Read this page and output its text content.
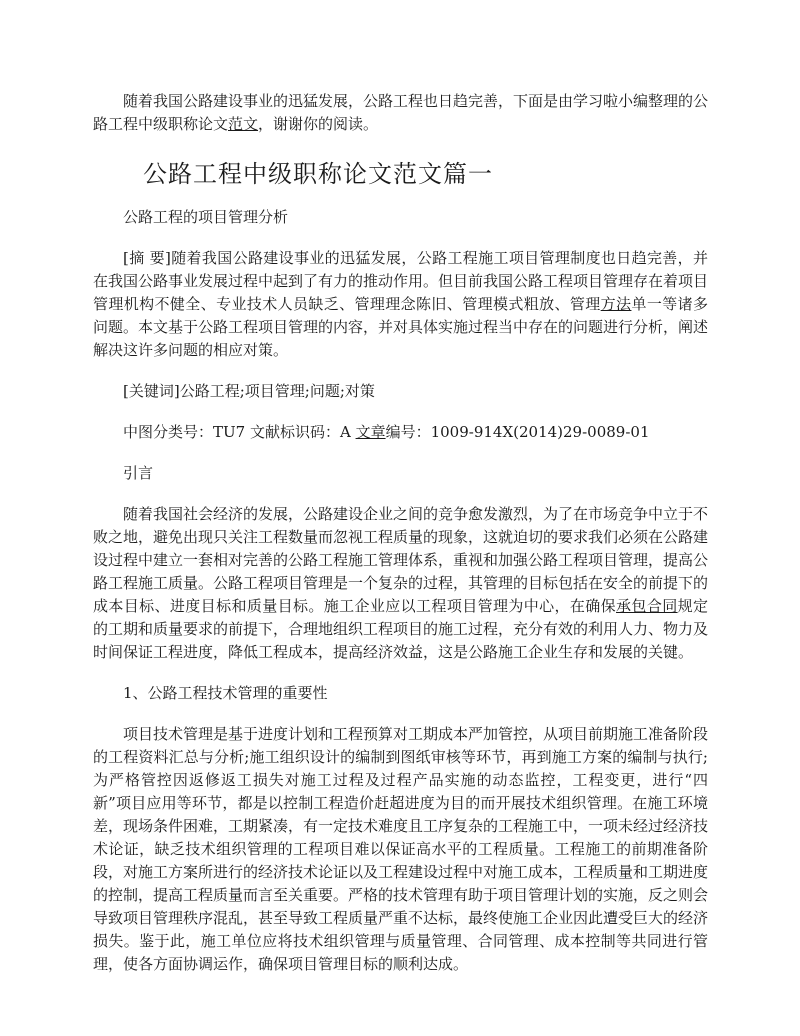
随着我国公路建设事业的迅猛发展，公路工程也日趋完善，下面是由学习啦小编整理的公路工程中级职称论文范文，谢谢你的阅读。

公路工程中级职称论文范文篇一

公路工程的项目管理分析

[摘 要]随着我国公路建设事业的迅猛发展，公路工程施工项目管理制度也日趋完善，并在我国公路事业发展过程中起到了有力的推动作用。但目前我国公路工程项目管理存在着项目管理机构不健全、专业技术人员缺乏、管理理念陈旧、管理模式粗放、管理方法单一等诸多问题。本文基于公路工程项目管理的内容，并对具体实施过程当中存在的问题进行分析，阐述解决这许多问题的相应对策。

[关键词]公路工程;项目管理;问题;对策

中图分类号：TU7 文献标识码：A 文章编号：1009-914X(2014)29-0089-01

引言

随着我国社会经济的发展，公路建设企业之间的竞争愈发激烈，为了在市场竞争中立于不败之地，避免出现只关注工程数量而忽视工程质量的现象，这就迫切的要求我们必须在公路建设过程中建立一套相对完善的公路工程施工管理体系，重视和加强公路工程项目管理，提高公路工程施工质量。公路工程项目管理是一个复杂的过程，其管理的目标包括在安全的前提下的成本目标、进度目标和质量目标。施工企业应以工程项目管理为中心，在确保承包合同规定的工期和质量要求的前提下，合理地组织工程项目的施工过程，充分有效的利用人力、物力及时间保证工程进度，降低工程成本，提高经济效益，这是公路施工企业生存和发展的关键。

1、公路工程技术管理的重要性

项目技术管理是基于进度计划和工程预算对工期成本严加管控，从项目前期施工准备阶段的工程资料汇总与分析;施工组织设计的编制到图纸审核等环节，再到施工方案的编制与执行;为严格管控因返修返工损失对施工过程及过程产品实施的动态监控，工程变更，进行“四新”项目应用等环节，都是以控制工程造价赶超进度为目的而开展技术组织管理。在施工环境差，现场条件困难，工期紧凑，有一定技术难度且工序复杂的工程施工中，一项未经过经济技术论证，缺乏技术组织管理的工程项目难以保证高水平的工程质量。工程施工的前期准备阶段，对施工方案所进行的经济技术论证以及工程建设过程中对施工成本，工程质量和工期进度的控制，提高工程质量而言至关重要。严格的技术管理有助于项目管理计划的实施，反之则会导致项目管理秩序混乱，甚至导致工程质量严重不达标，最终使施工企业因此遭受巨大的经济损失。鉴于此，施工单位应将技术组织管理与质量管理、合同管理、成本控制等共同进行管理，使各方面协调运作，确保项目管理目标的顺利达成。
